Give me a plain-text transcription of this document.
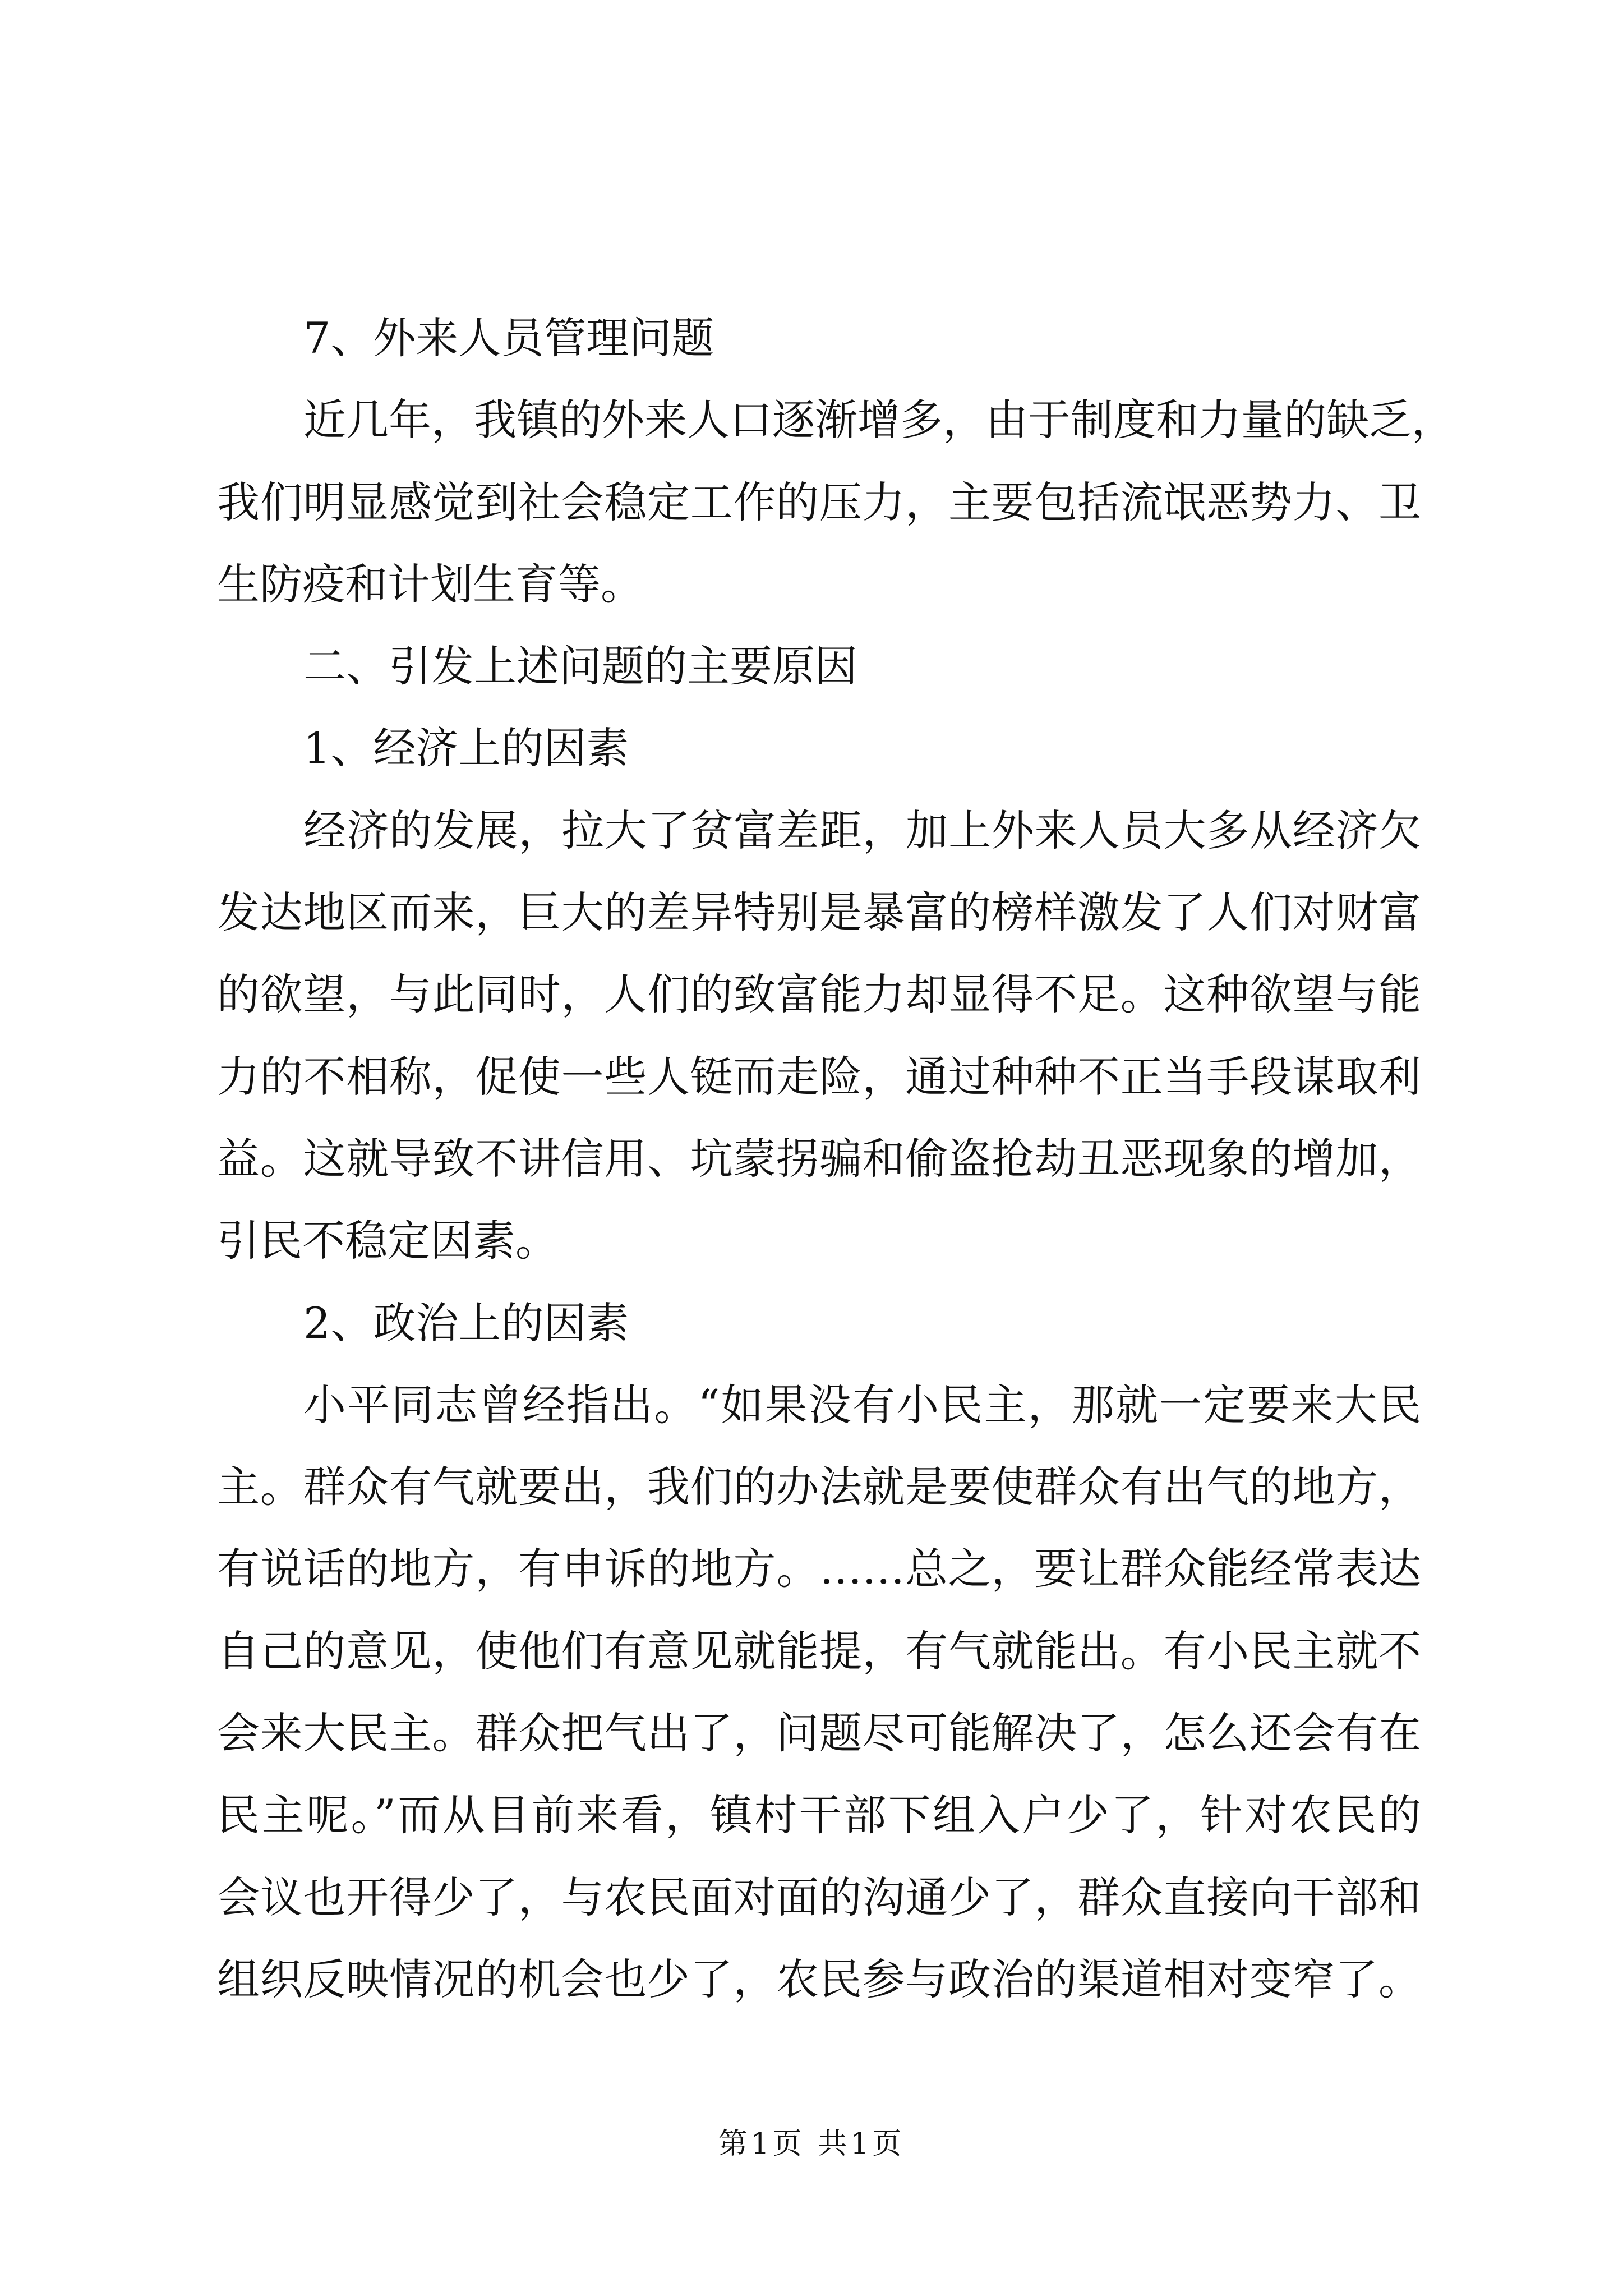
7、外来人员管理问题
近几年，我镇的外来人口逐渐增多，由于制度和力量的缺乏，
我们明显感觉到社会稳定工作的压力，主要包括流氓恶势力、卫
生防疫和计划生育等。
二、引发上述问题的主要原因
1、经济上的因素
经济的发展，拉大了贫富差距，加上外来人员大多从经济欠
发达地区而来，巨大的差异特别是暴富的榜样激发了人们对财富
的欲望，与此同时，人们的致富能力却显得不足。这种欲望与能
力的不相称，促使一些人铤而走险，通过种种不正当手段谋取利
益。这就导致不讲信用、坑蒙拐骗和偷盗抢劫丑恶现象的增加，
引民不稳定因素。
2、政治上的因素
小平同志曾经指出。“如果没有小民主，那就一定要来大民
主。群众有气就要出，我们的办法就是要使群众有出气的地方，
有说话的地方，有申诉的地方。……总之，要让群众能经常表达
自己的意见，使他们有意见就能提，有气就能出。有小民主就不
会来大民主。群众把气出了，问题尽可能解决了，怎么还会有在
民主呢。”而从目前来看，镇村干部下组入户少了，针对农民的
会议也开得少了，与农民面对面的沟通少了，群众直接向干部和
组织反映情况的机会也少了，农民参与政治的渠道相对变窄了。
第1页 共1页
